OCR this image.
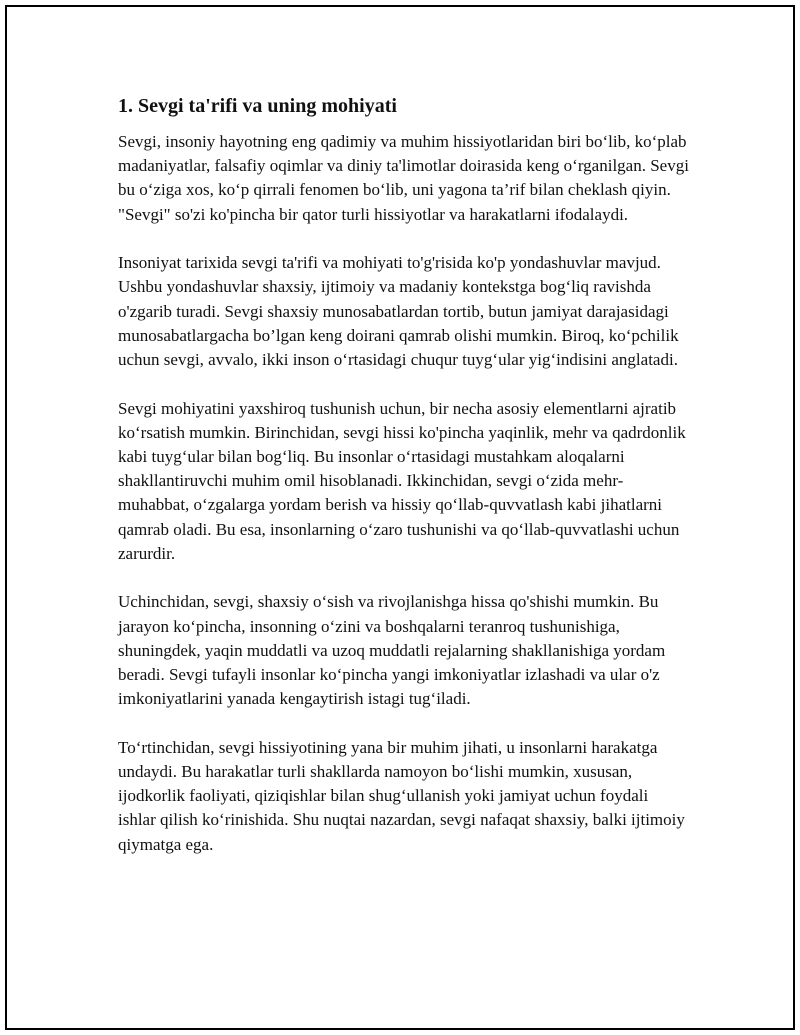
1. Sevgi ta'rifi va uning mohiyati

Sevgi, insoniy hayotning eng qadimiy va muhim hissiyotlaridan biri bo‘lib, ko‘plab madaniyatlar, falsafiy oqimlar va diniy ta'limotlar doirasida keng o‘rganilgan. Sevgi bu o‘ziga xos, ko‘p qirrali fenomen bo‘lib, uni yagona ta’rif bilan cheklash qiyin. "Sevgi" so'zi ko'pincha bir qator turli hissiyotlar va harakatlarni ifodalaydi.

Insoniyat tarixida sevgi ta'rifi va mohiyati to'g'risida ko'p yondashuvlar mavjud. Ushbu yondashuvlar shaxsiy, ijtimoiy va madaniy kontekstga bog‘liq ravishda o'zgarib turadi. Sevgi shaxsiy munosabatlardan tortib, butun jamiyat darajasidagi munosabatlargacha bo’lgan keng doirani qamrab olishi mumkin. Biroq, ko‘pchilik uchun sevgi, avvalo, ikki inson o‘rtasidagi chuqur tuyg‘ular yig‘indisini anglatadi.

Sevgi mohiyatini yaxshiroq tushunish uchun, bir necha asosiy elementlarni ajratib ko‘rsatish mumkin. Birinchidan, sevgi hissi ko'pincha yaqinlik, mehr va qadrdonlik kabi tuyg‘ular bilan bog‘liq. Bu insonlar o‘rtasidagi mustahkam aloqalarni shakllantiruvchi muhim omil hisoblanadi. Ikkinchidan, sevgi o‘zida mehr-muhabbat, o‘zgalarga yordam berish va hissiy qo‘llab-quvvatlash kabi jihatlarni qamrab oladi. Bu esa, insonlarning o‘zaro tushunishi va qo‘llab-quvvatlashi uchun zarurdir.

Uchinchidan, sevgi, shaxsiy o‘sish va rivojlanishga hissa qo'shishi mumkin. Bu jarayon ko‘pincha, insonning o‘zini va boshqalarni teranroq tushunishiga, shuningdek, yaqin muddatli va uzoq muddatli rejalarning shakllanishiga yordam beradi. Sevgi tufayli insonlar ko‘pincha yangi imkoniyatlar izlashadi va ular o'z imkoniyatlarini yanada kengaytirish istagi tug‘iladi.

To‘rtinchidan, sevgi hissiyotining yana bir muhim jihati, u insonlarni harakatga undaydi. Bu harakatlar turli shakllarda namoyon bo‘lishi mumkin, xususan, ijodkorlik faoliyati, qiziqishlar bilan shug‘ullanish yoki jamiyat uchun foydali ishlar qilish ko‘rinishida. Shu nuqtai nazardan, sevgi nafaqat shaxsiy, balki ijtimoiy qiymatga ega.
